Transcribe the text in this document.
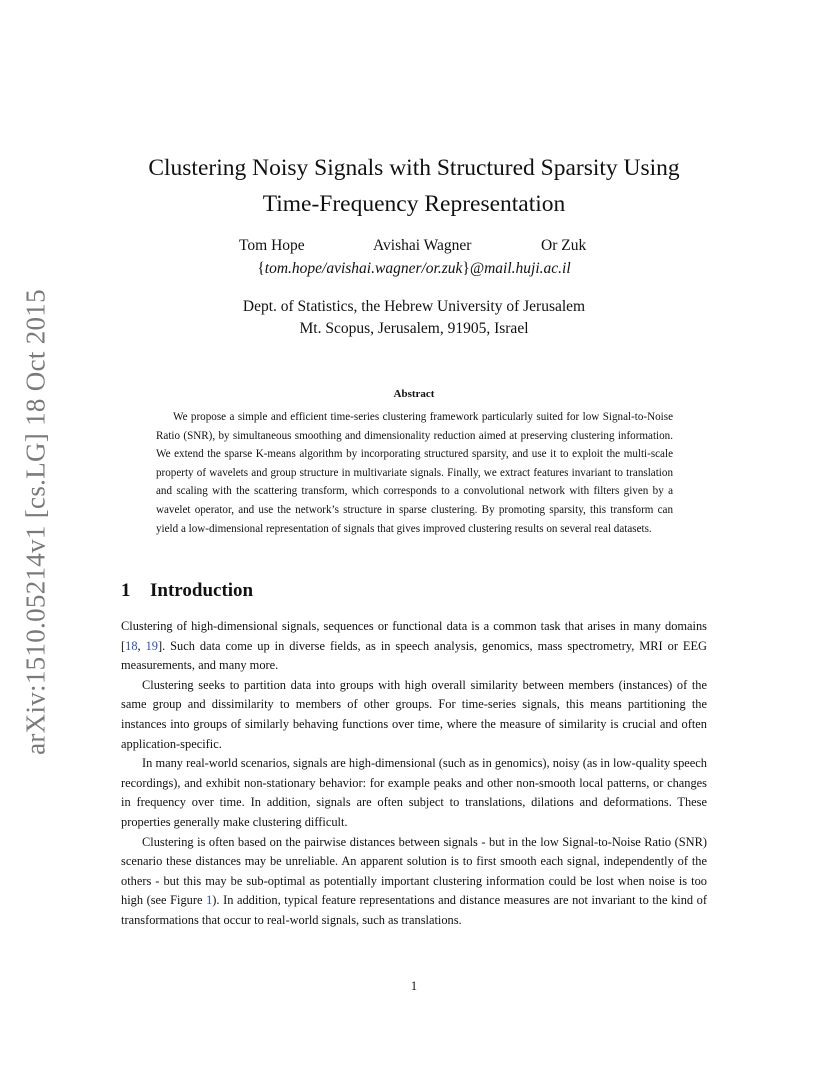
arXiv:1510.05214v1 [cs.LG] 18 Oct 2015
Clustering Noisy Signals with Structured Sparsity Using
Time-Frequency Representation
Tom Hope	Avishai Wagner	Or Zuk
{tom.hope/avishai.wagner/or.zuk}@mail.huji.ac.il
Dept. of Statistics, the Hebrew University of Jerusalem
Mt. Scopus, Jerusalem, 91905, Israel
Abstract
We propose a simple and efficient time-series clustering framework particularly suited for low Signal-to-Noise Ratio (SNR), by simultaneous smoothing and dimensionality reduction aimed at preserving clustering information. We extend the sparse K-means algorithm by incorporating structured sparsity, and use it to exploit the multi-scale property of wavelets and group structure in multivariate signals. Finally, we extract features invariant to translation and scaling with the scattering transform, which corresponds to a convolutional network with filters given by a wavelet operator, and use the network’s structure in sparse clustering. By promoting sparsity, this transform can yield a low-dimensional representation of signals that gives improved clustering results on several real datasets.
1 Introduction

Clustering of high-dimensional signals, sequences or functional data is a common task that arises in many domains [18, 19]. Such data come up in diverse fields, as in speech analysis, genomics, mass spectrometry, MRI or EEG measurements, and many more.

Clustering seeks to partition data into groups with high overall similarity between members (instances) of the same group and dissimilarity to members of other groups. For time-series signals, this means partitioning the instances into groups of similarly behaving functions over time, where the measure of similarity is crucial and often application-specific.

In many real-world scenarios, signals are high-dimensional (such as in genomics), noisy (as in low-quality speech recordings), and exhibit non-stationary behavior: for example peaks and other non-smooth local patterns, or changes in frequency over time. In addition, signals are often subject to translations, dilations and deformations. These properties generally make clustering difficult.

Clustering is often based on the pairwise distances between signals - but in the low Signal-to-Noise Ratio (SNR) scenario these distances may be unreliable. An apparent solution is to first smooth each signal, independently of the others - but this may be sub-optimal as potentially important clustering information could be lost when noise is too high (see Figure 1). In addition, typical feature representations and distance measures are not invariant to the kind of transformations that occur to real-world signals, such as translations.

1
